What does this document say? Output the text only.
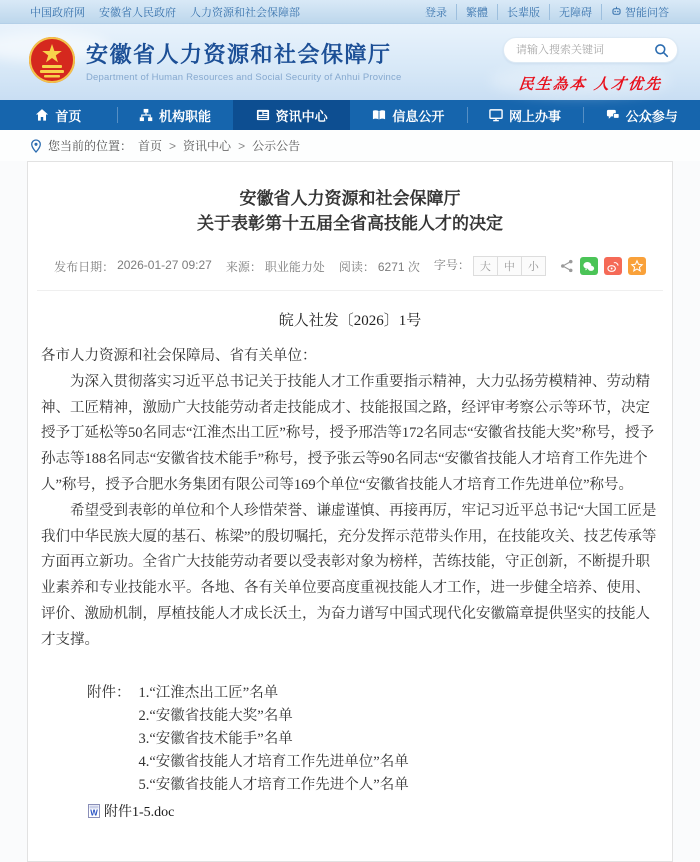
中国政府网 安徽省人民政府 人力资源和社会保障部	登录 繁體 长辈版 无障碍	智能问答
安徽省人力资源和社会保障厅
Department of Human Resources and Social Security of Anhui Province
请输入搜索关键词	民生為本 人才优先
首页	机构职能	资讯中心	信息公开	网上办事	公众参与
您当前的位置： 首页 > 资讯中心 > 公示公告
安徽省人力资源和社会保障厅
关于表彰第十五届全省高技能人才的决定
发布日期： 2026-01-27 09:27 来源： 职业能力处 阅读： 6271 次 字号： 大	中	小
皖人社发〔2026〕1号

各市人力资源和社会保障局、省有关单位：

为深入贯彻落实习近平总书记关于技能人才工作重要指示精神，大力弘扬劳模精神、劳动精神、工匠精神，激励广大技能劳动者走技能成才、技能报国之路，经评审考察公示等环节，决定授予丁延松等50名同志“江淮杰出工匠”称号，授予邢浩等172名同志“安徽省技能大奖”称号，授予孙志等188名同志“安徽省技术能手”称号，授予张云等90名同志“安徽省技能人才培育工作先进个人”称号，授予合肥水务集团有限公司等169个单位“安徽省技能人才培育工作先进单位”称号。

希望受到表彰的单位和个人珍惜荣誉、谦虚谨慎、再接再厉，牢记习近平总书记“大国工匠是我们中华民族大厦的基石、栋梁”的殷切嘱托，充分发挥示范带头作用，在技能攻关、技艺传承等方面再立新功。全省广大技能劳动者要以受表彰对象为榜样，苦练技能，守正创新，不断提升职业素养和专业技能水平。各地、各有关单位要高度重视技能人才工作，进一步健全培养、使用、评价、激励机制，厚植技能人才成长沃土，为奋力谱写中国式现代化安徽篇章提供坚实的技能人才支撑。

附件： 1.“江淮杰出工匠”名单
2.“安徽省技能大奖”名单
3.“安徽省技术能手”名单
4.“安徽省技能人才培育工作先进单位”名单
5.“安徽省技能人才培育工作先进个人”名单
W 附件1-5.doc
